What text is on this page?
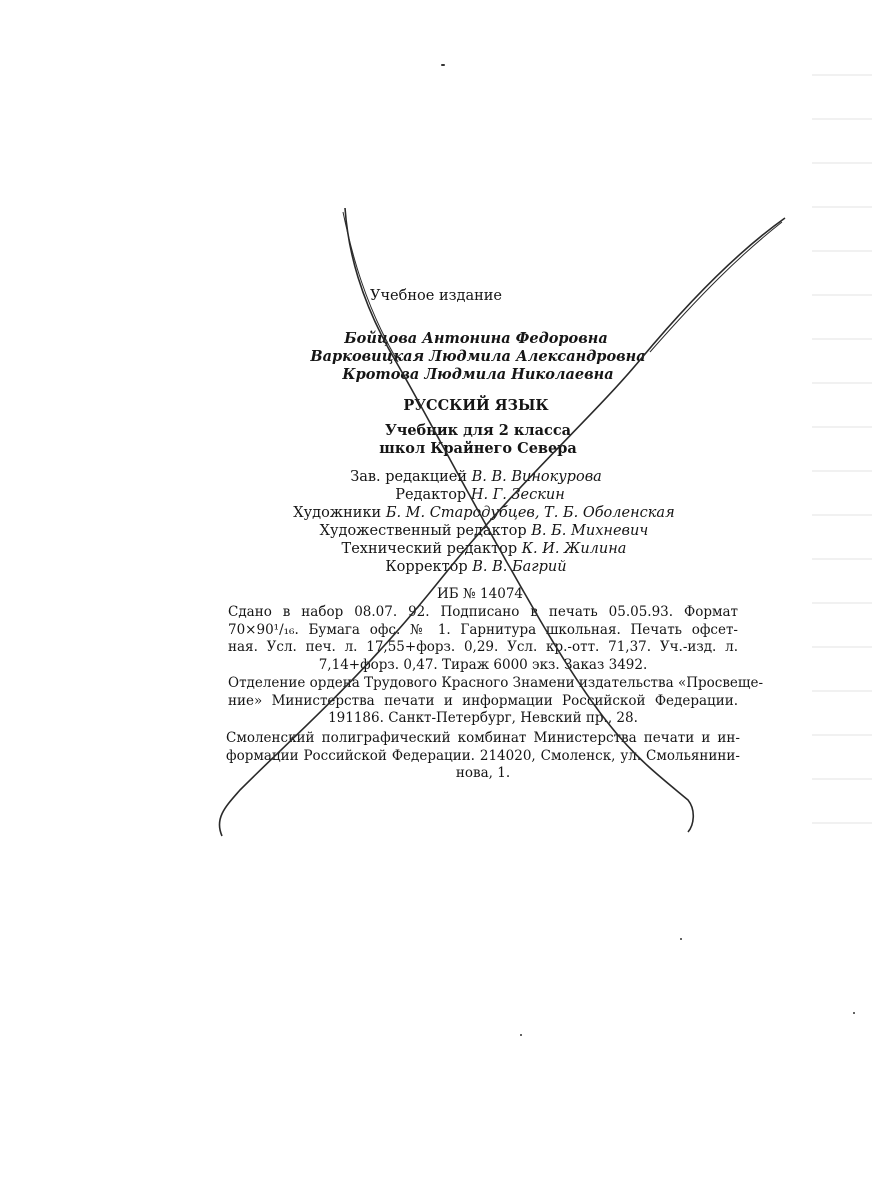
Учебное издание
Бойцова Антонина Федоровна
Варковицкая Людмила Александровна
Кротова Людмила Николаевна
РУССКИЙ ЯЗЫК
Учебник для 2 класса
школ Крайнего Севера
Зав. редакцией В. В. Винокурова
Редактор Н. Г. Зескин
Художники Б. М. Стародубцев, Т. Б. Оболенская
Художественный редактор В. Б. Михневич
Технический редактор К. И. Жилина
Корректор В. В. Багрий
ИБ № 14074
Сдано в набор 08.07. 92. Подписано в печать 05.05.93. Формат
70×90¹/₁₆. Бумага офс. № 1. Гарнитура школьная. Печать офсет-
ная. Усл. печ. л. 17,55+форз. 0,29. Усл. кр.-отт. 71,37. Уч.-изд. л.
7,14+форз. 0,47. Тираж 6000 экз. Заказ 3492.
Отделение ордена Трудового Красного Знамени издательства «Просвеще-
ние» Министерства печати и информации Российской Федерации.
191186. Санкт-Петербург, Невский пр., 28.
Смоленский полиграфический комбинат Министерства печати и ин-
формации Российской Федерации. 214020, Смоленск, ул. Смольянини-
нова, 1.
